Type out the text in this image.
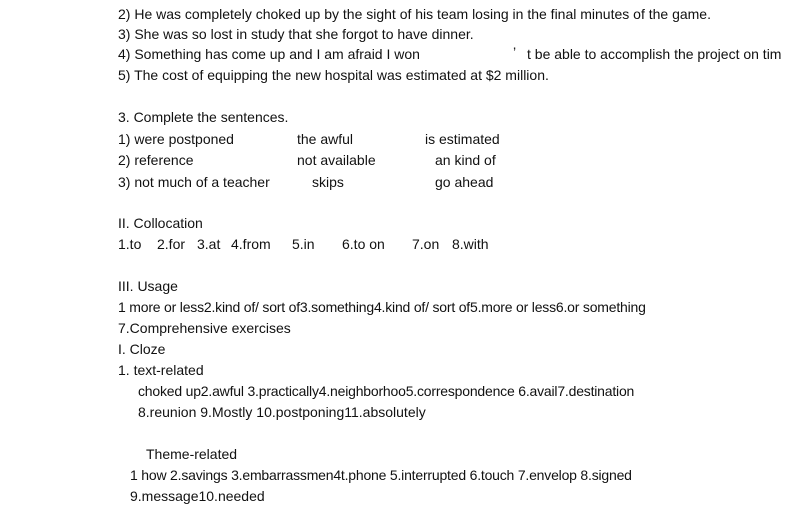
2) He was completely choked up by the sight of his team losing in the final minutes of the game.
3) She was so lost in study that she forgot to have dinner.
4) Something has come up and I am afraid I won	’ t be able to accomplish the project on tim
5) The cost of equipping the new hospital was estimated at $2 million.
3. Complete the sentences.
1) were postponed	the awful	is estimated
2) reference	not available	an kind of
3) not much of a teacher	skips	go ahead
II. Collocation
1.to 2.for 3.at 4.from 5.in 6.to on 7.on 8.with
III. Usage
1 more or less2.kind of/ sort of3.something4.kind of/ sort of5.more or less6.or something
7.Comprehensive exercises
I. Cloze
1. text-related
choked up2.awful 3.practically4.neighborhoo5.correspondence 6.avail7.destination
8.reunion 9.Mostly 10.postponing11.absolutely
Theme-related
1 how 2.savings 3.embarrassmen4t.phone 5.interrupted 6.touch 7.envelop 8.signed
9.message10.needed
